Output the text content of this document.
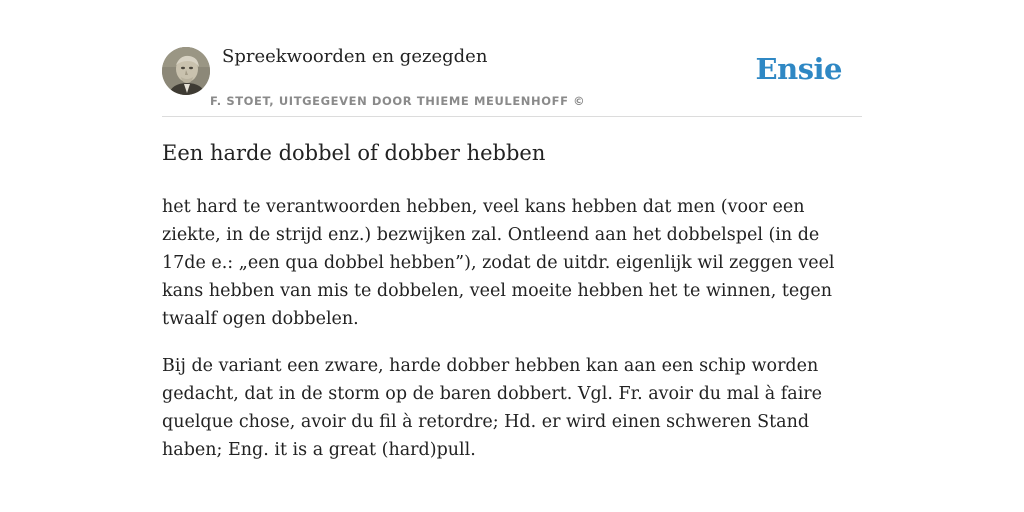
Spreekwoorden en gezegden
F. STOET, UITGEGEVEN DOOR THIEME MEULENHOFF ©
Ensie
Een harde dobbel of dobber hebben

het hard te verantwoorden hebben, veel kans hebben dat men (voor een ziekte, in de strijd enz.) bezwijken zal. Ontleend aan het dobbelspel (in de 17de e.: „een qua dobbel hebben”), zodat de uitdr. eigenlijk wil zeggen veel kans hebben van mis te dobbelen, veel moeite hebben het te winnen, tegen twaalf ogen dobbelen.

Bij de variant een zware, harde dobber hebben kan aan een schip worden gedacht, dat in de storm op de baren dobbert. Vgl. Fr. avoir du mal à faire quelque chose, avoir du fil à retordre; Hd. er wird einen schweren Stand haben; Eng. it is a great (hard)pull.
